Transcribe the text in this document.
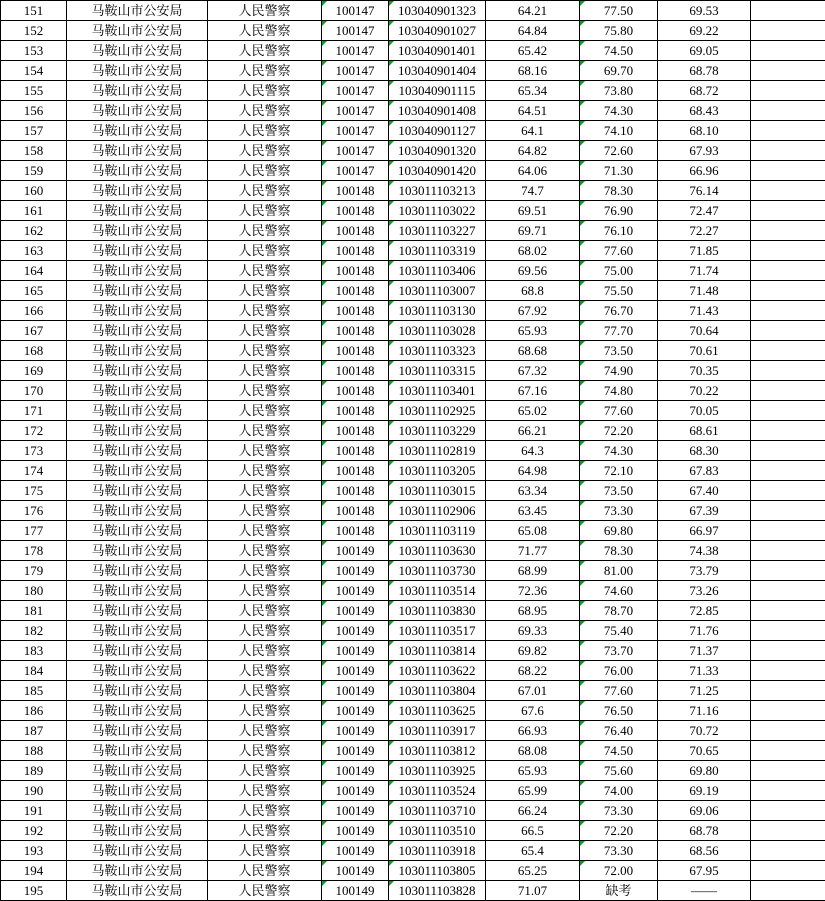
151	马鞍山市公安局	人民警察	100147	103040901323	64.21	77.50	69.53	
152	马鞍山市公安局	人民警察	100147	103040901027	64.84	75.80	69.22	
153	马鞍山市公安局	人民警察	100147	103040901401	65.42	74.50	69.05	
154	马鞍山市公安局	人民警察	100147	103040901404	68.16	69.70	68.78	
155	马鞍山市公安局	人民警察	100147	103040901115	65.34	73.80	68.72	
156	马鞍山市公安局	人民警察	100147	103040901408	64.51	74.30	68.43	
157	马鞍山市公安局	人民警察	100147	103040901127	64.1	74.10	68.10	
158	马鞍山市公安局	人民警察	100147	103040901320	64.82	72.60	67.93	
159	马鞍山市公安局	人民警察	100147	103040901420	64.06	71.30	66.96	
160	马鞍山市公安局	人民警察	100148	103011103213	74.7	78.30	76.14	
161	马鞍山市公安局	人民警察	100148	103011103022	69.51	76.90	72.47	
162	马鞍山市公安局	人民警察	100148	103011103227	69.71	76.10	72.27	
163	马鞍山市公安局	人民警察	100148	103011103319	68.02	77.60	71.85	
164	马鞍山市公安局	人民警察	100148	103011103406	69.56	75.00	71.74	
165	马鞍山市公安局	人民警察	100148	103011103007	68.8	75.50	71.48	
166	马鞍山市公安局	人民警察	100148	103011103130	67.92	76.70	71.43	
167	马鞍山市公安局	人民警察	100148	103011103028	65.93	77.70	70.64	
168	马鞍山市公安局	人民警察	100148	103011103323	68.68	73.50	70.61	
169	马鞍山市公安局	人民警察	100148	103011103315	67.32	74.90	70.35	
170	马鞍山市公安局	人民警察	100148	103011103401	67.16	74.80	70.22	
171	马鞍山市公安局	人民警察	100148	103011102925	65.02	77.60	70.05	
172	马鞍山市公安局	人民警察	100148	103011103229	66.21	72.20	68.61	
173	马鞍山市公安局	人民警察	100148	103011102819	64.3	74.30	68.30	
174	马鞍山市公安局	人民警察	100148	103011103205	64.98	72.10	67.83	
175	马鞍山市公安局	人民警察	100148	103011103015	63.34	73.50	67.40	
176	马鞍山市公安局	人民警察	100148	103011102906	63.45	73.30	67.39	
177	马鞍山市公安局	人民警察	100148	103011103119	65.08	69.80	66.97	
178	马鞍山市公安局	人民警察	100149	103011103630	71.77	78.30	74.38	
179	马鞍山市公安局	人民警察	100149	103011103730	68.99	81.00	73.79	
180	马鞍山市公安局	人民警察	100149	103011103514	72.36	74.60	73.26	
181	马鞍山市公安局	人民警察	100149	103011103830	68.95	78.70	72.85	
182	马鞍山市公安局	人民警察	100149	103011103517	69.33	75.40	71.76	
183	马鞍山市公安局	人民警察	100149	103011103814	69.82	73.70	71.37	
184	马鞍山市公安局	人民警察	100149	103011103622	68.22	76.00	71.33	
185	马鞍山市公安局	人民警察	100149	103011103804	67.01	77.60	71.25	
186	马鞍山市公安局	人民警察	100149	103011103625	67.6	76.50	71.16	
187	马鞍山市公安局	人民警察	100149	103011103917	66.93	76.40	70.72	
188	马鞍山市公安局	人民警察	100149	103011103812	68.08	74.50	70.65	
189	马鞍山市公安局	人民警察	100149	103011103925	65.93	75.60	69.80	
190	马鞍山市公安局	人民警察	100149	103011103524	65.99	74.00	69.19	
191	马鞍山市公安局	人民警察	100149	103011103710	66.24	73.30	69.06	
192	马鞍山市公安局	人民警察	100149	103011103510	66.5	72.20	68.78	
193	马鞍山市公安局	人民警察	100149	103011103918	65.4	73.30	68.56	
194	马鞍山市公安局	人民警察	100149	103011103805	65.25	72.00	67.95	
195	马鞍山市公安局	人民警察	100149	103011103828	71.07	缺考	——	
